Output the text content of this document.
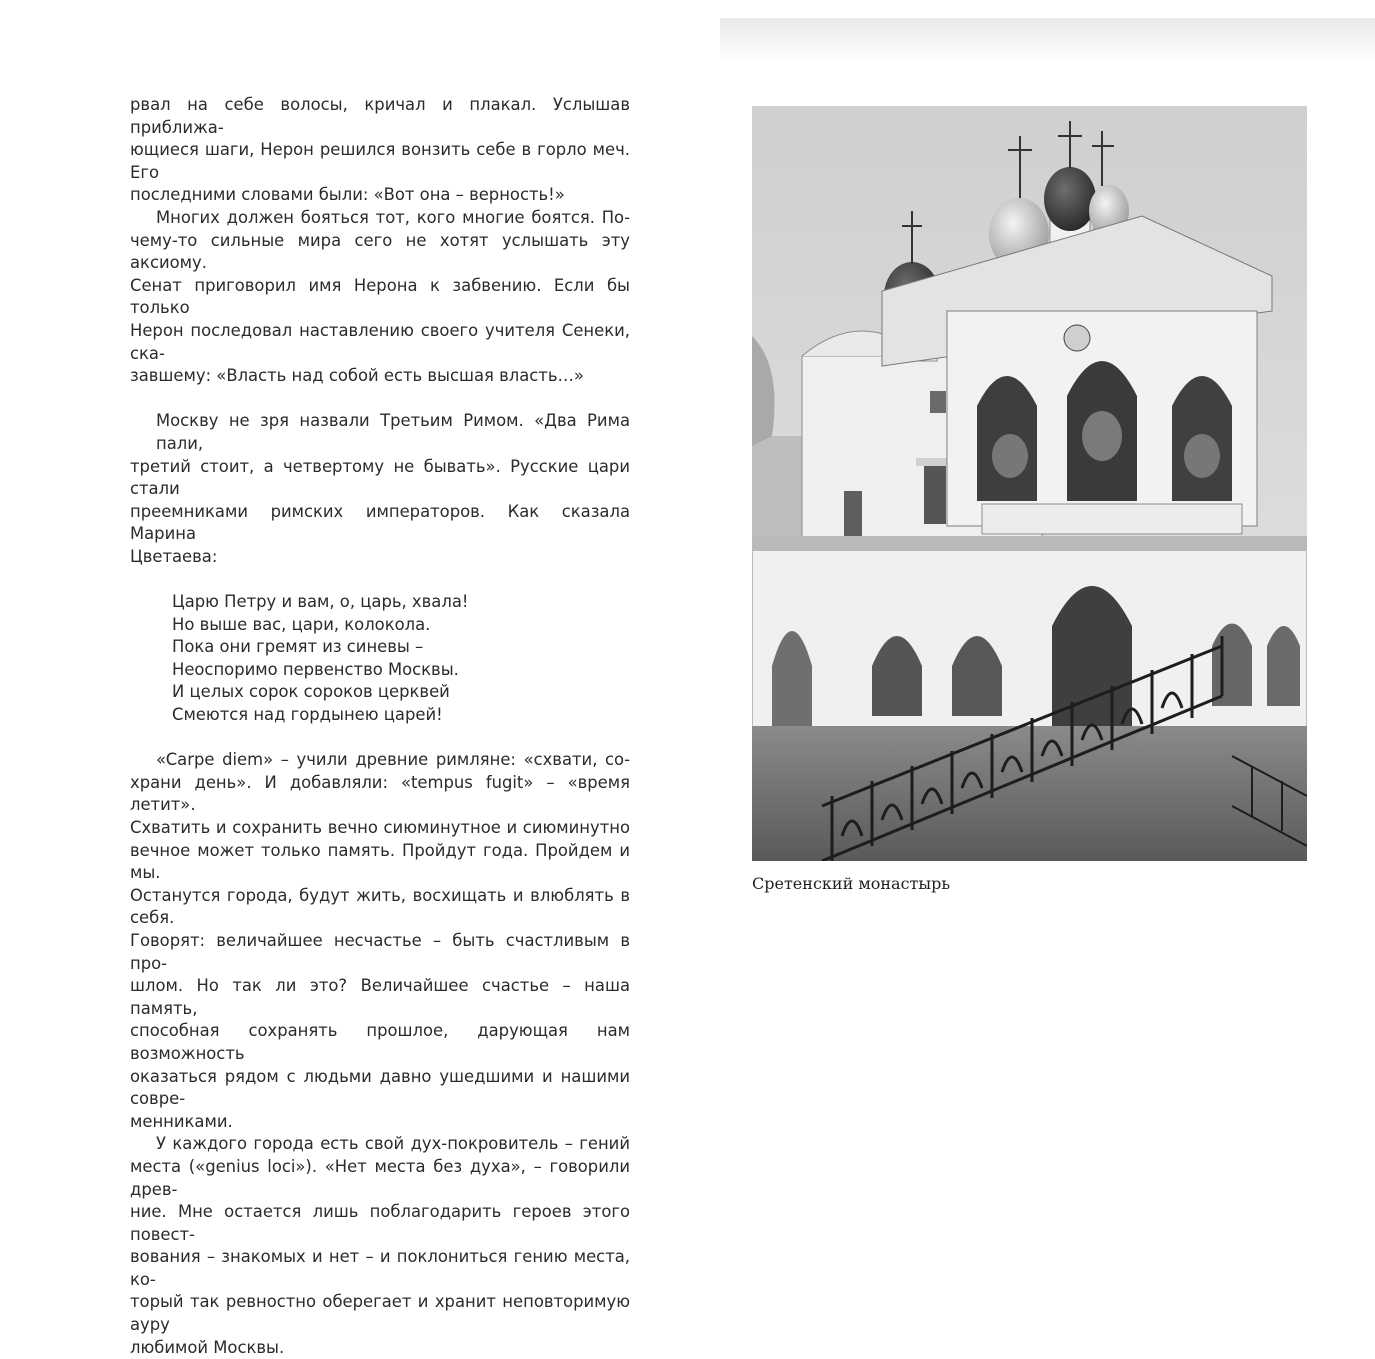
рвал на себе волосы, кричал и плакал. Услышав приближа-
ющиеся шаги, Нерон решился вонзить себе в горло меч. Его
последними словами были: «Вот она – верность!»
Многих должен бояться тот, кого многие боятся. По-
чему-то сильные мира сего не хотят услышать эту аксиому.
Сенат приговорил имя Нерона к забвению. Если бы только
Нерон последовал наставлению своего учителя Сенеки, ска-
завшему: «Власть над собой есть высшая власть…»
Москву не зря назвали Третьим Римом. «Два Рима пали,
третий стоит, а четвертому не бывать». Русские цари стали
преемниками римских императоров. Как сказала Марина
Цветаева:
Царю Петру и вам, о, царь, хвала!
Но выше вас, цари, колокола.
Пока они гремят из синевы –
Неоспоримо первенство Москвы.
И целых сорок сороков церквей
Смеются над гордынею царей!
«Carpe diem» – учили древние римляне: «схвати, со-
храни день». И добавляли: «tempus fugit» – «время летит».
Схватить и сохранить вечно сиюминутное и сиюминутно
вечное может только память. Пройдут года. Пройдем и мы.
Останутся города, будут жить, восхищать и влюблять в себя.
Говорят: величайшее несчастье – быть счастливым в про-
шлом. Но так ли это? Величайшее счастье – наша память,
способная сохранять прошлое, дарующая нам возможность
оказаться рядом с людьми давно ушедшими и нашими совре-
менниками.
У каждого города есть свой дух-покровитель – гений
места («genius loci»). «Нет места без духа», – говорили древ-
ние. Мне остается лишь поблагодарить героев этого повест-
вования – знакомых и нет – и поклониться гению места, ко-
торый так ревностно оберегает и хранит неповторимую ауру
любимой Москвы.
Сретенский монастырь
